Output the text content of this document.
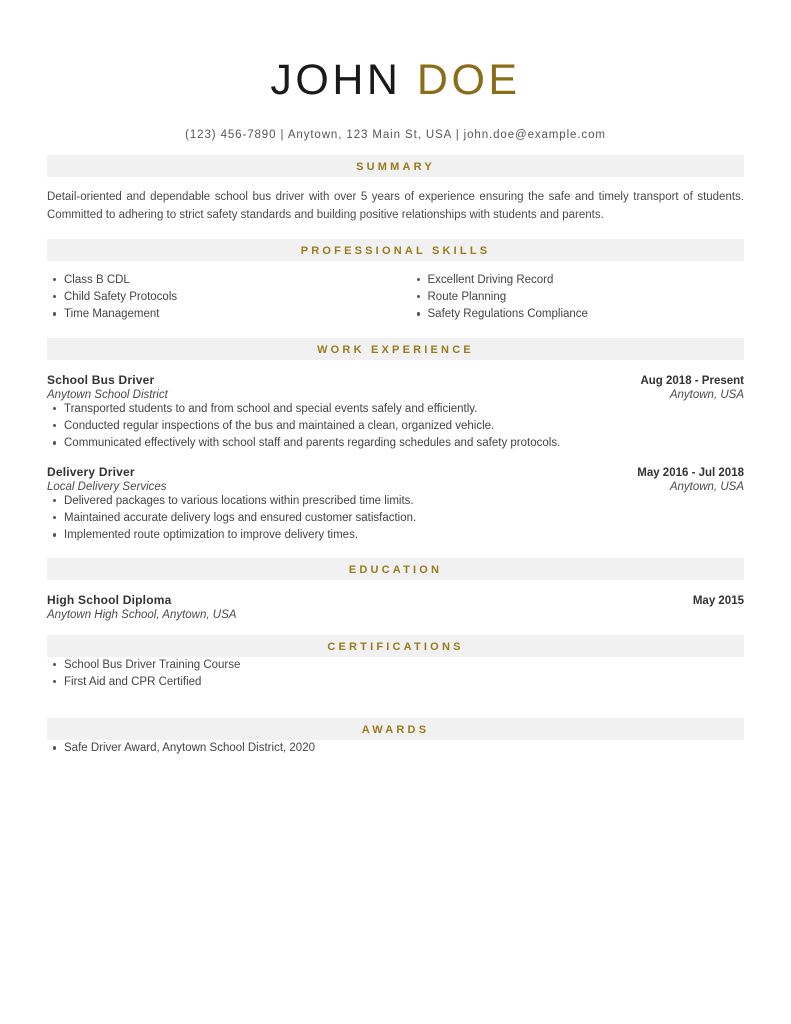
JOHN DOE
(123) 456-7890 | Anytown, 123 Main St, USA | john.doe@example.com
SUMMARY
Detail-oriented and dependable school bus driver with over 5 years of experience ensuring the safe and timely transport of students. Committed to adhering to strict safety standards and building positive relationships with students and parents.
PROFESSIONAL SKILLS
Class B CDL
Child Safety Protocols
Time Management
Excellent Driving Record
Route Planning
Safety Regulations Compliance
WORK EXPERIENCE
School Bus Driver	Aug 2018 - Present
Anytown School District	Anytown, USA
Transported students to and from school and special events safely and efficiently.
Conducted regular inspections of the bus and maintained a clean, organized vehicle.
Communicated effectively with school staff and parents regarding schedules and safety protocols.
Delivery Driver	May 2016 - Jul 2018
Local Delivery Services	Anytown, USA
Delivered packages to various locations within prescribed time limits.
Maintained accurate delivery logs and ensured customer satisfaction.
Implemented route optimization to improve delivery times.
EDUCATION
High School Diploma	May 2015
Anytown High School, Anytown, USA
CERTIFICATIONS
School Bus Driver Training Course
First Aid and CPR Certified
AWARDS
Safe Driver Award, Anytown School District, 2020
